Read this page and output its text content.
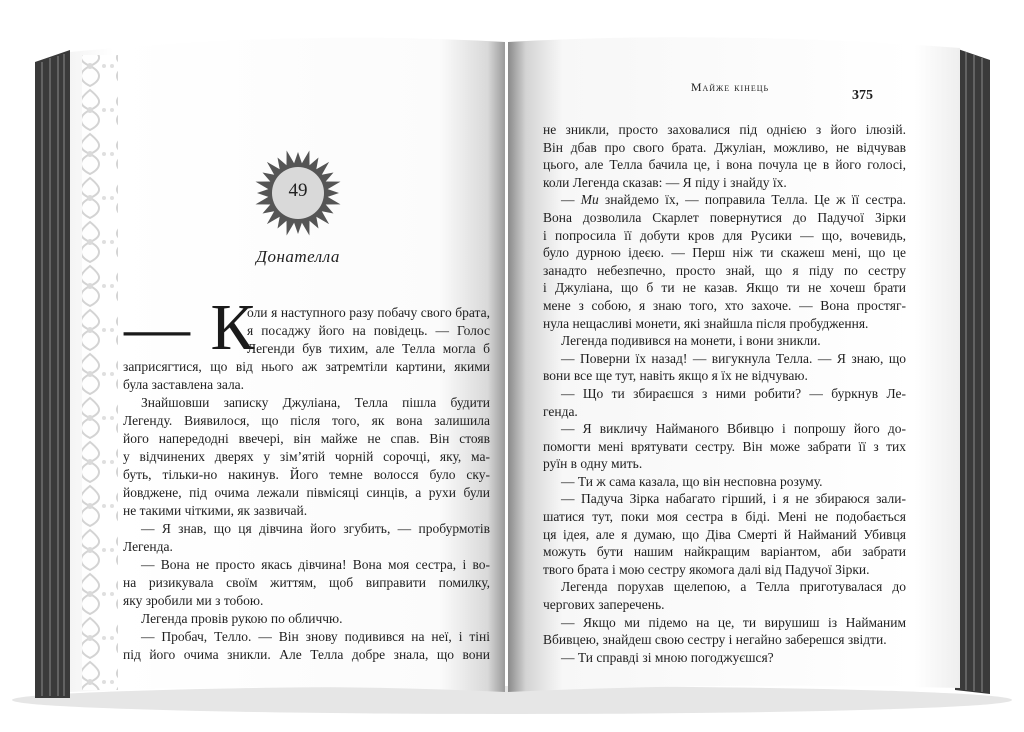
49
Донателла
— К
оли я наступного разу побачу свого брата,
я посаджу його на повідець. — Голос
Легенди був тихим, але Телла могла б
заприсягтися, що від нього аж затремтіли картини, якими
була заставлена зала.
Знайшовши записку Джуліана, Телла пішла будити
Легенду. Виявилося, що після того, як вона залишила
його напередодні ввечері, він майже не спав. Він стояв
у відчинених дверях у зім’ятій чорній сорочці, яку, ма-
буть, тільки-но накинув. Його темне волосся було ску-
йовджене, під очима лежали півмісяці синців, а рухи були
не такими чіткими, як зазвичай.
— Я знав, що ця дівчина його згубить, — пробурмотів
Легенда.
— Вона не просто якась дівчина! Вона моя сестра, і во-
на ризикувала своїм життям, щоб виправити помилку,
яку зробили ми з тобою.
Легенда провів рукою по обличчю.
— Пробач, Телло. — Він знову подивився на неї, і тіні
під його очима зникли. Але Телла добре знала, що вони
Майже кінець
375
не зникли, просто заховалися під однією з його ілюзій.
Він дбав про свого брата. Джуліан, можливо, не відчував
цього, але Телла бачила це, і вона почула це в його голосі,
коли Легенда сказав: — Я піду і знайду їх.
— Ми знайдемо їх, — поправила Телла. Це ж її сестра.
Вона дозволила Скарлет повернутися до Падучої Зірки
і попросила її добути кров для Русики — що, вочевидь,
було дурною ідеєю. — Перш ніж ти скажеш мені, що це
занадто небезпечно, просто знай, що я піду по сестру
і Джуліана, що б ти не казав. Якщо ти не хочеш брати
мене з собою, я знаю того, хто захоче. — Вона простяг-
нула нещасливі монети, які знайшла після пробудження.
Легенда подивився на монети, і вони зникли.
— Поверни їх назад! — вигукнула Телла. — Я знаю, що
вони все ще тут, навіть якщо я їх не відчуваю.
— Що ти збираєшся з ними робити? — буркнув Ле-
генда.
— Я викличу Найманого Вбивцю і попрошу його до-
помогти мені врятувати сестру. Він може забрати її з тих
руїн в одну мить.
— Ти ж сама казала, що він несповна розуму.
— Падуча Зірка набагато гірший, і я не збираюся зали-
шатися тут, поки моя сестра в біді. Мені не подобається
ця ідея, але я думаю, що Діва Смерті й Найманий Убивця
можуть бути нашим найкращим варіантом, аби забрати
твого брата і мою сестру якомога далі від Падучої Зірки.
Легенда порухав щелепою, а Телла приготувалася до
чергових заперечень.
— Якщо ми підемо на це, ти вирушиш із Найманим
Вбивцею, знайдеш свою сестру і негайно заберешся звідти.
— Ти справді зі мною погоджуєшся?
